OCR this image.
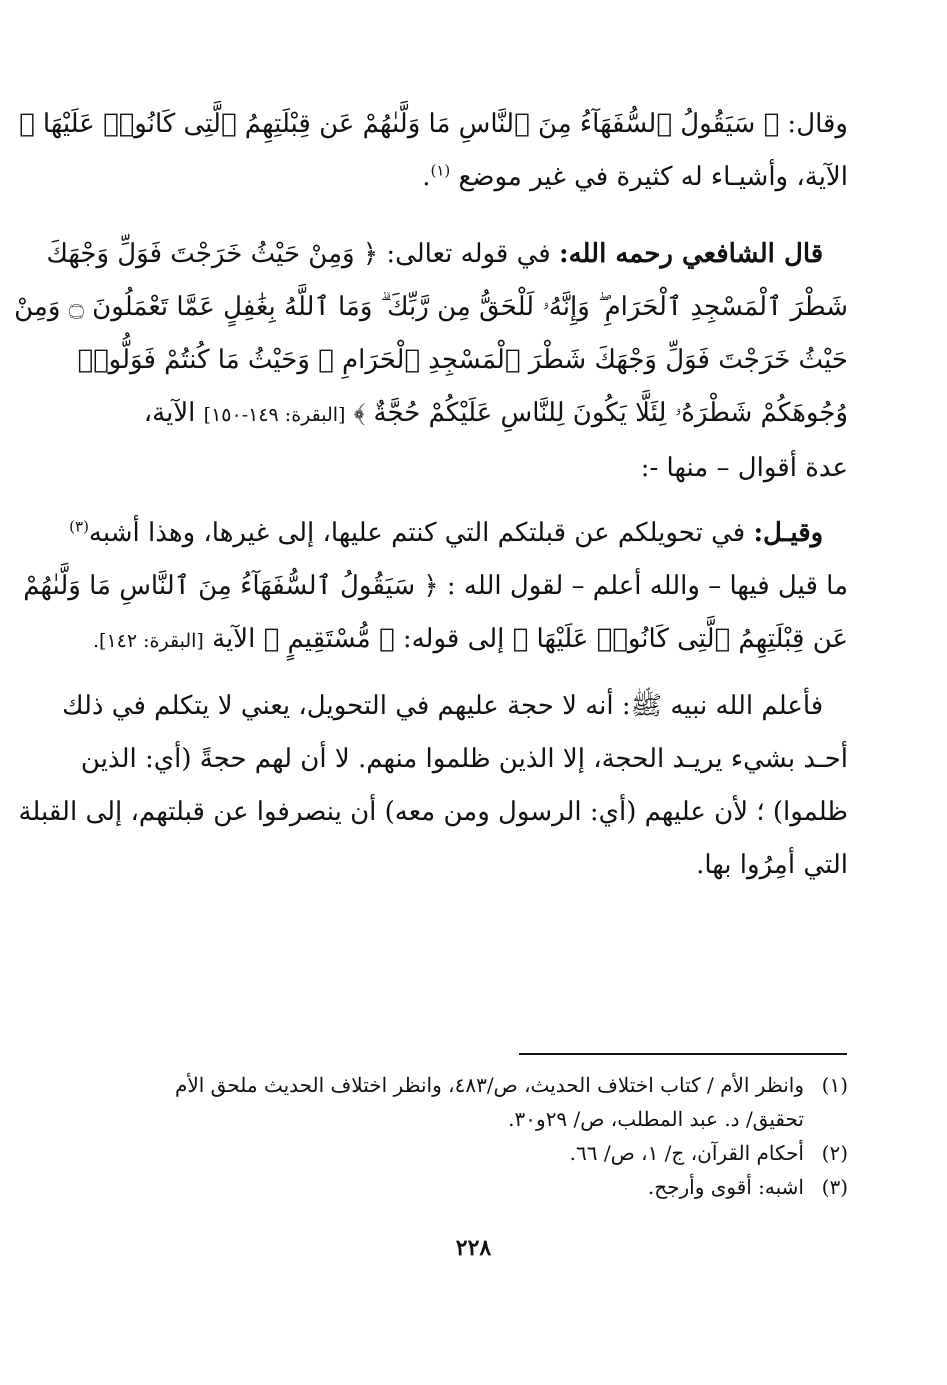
وقال: ﴿ سَيَقُولُ ٱلسُّفَهَآءُ مِنَ ٱلنَّاسِ مَا وَلَّىٰهُمْ عَن قِبْلَتِهِمُ ٱلَّتِى كَانُوا۟ عَلَيْهَا ﴾
الآية، وأشيـاء له كثيرة في غير موضع $^{(١)}$.
قال الشافعي رحمه الله: في قوله تعالى: ﴿ وَمِنْ حَيْثُ خَرَجْتَ فَوَلِّ وَجْهَكَ
شَطْرَ ٱلْمَسْجِدِ ٱلْحَرَامِ ۖ وَإِنَّهُۥ لَلْحَقُّ مِن رَّبِّكَ ۗ وَمَا ٱللَّهُ بِغَٰفِلٍ عَمَّا تَعْمَلُونَ ۝ وَمِنْ
حَيْثُ خَرَجْتَ فَوَلِّ وَجْهَكَ شَطْرَ ٱلْمَسْجِدِ ٱلْحَرَامِ ۚ وَحَيْثُ مَا كُنتُمْ فَوَلُّوا۟
وُجُوهَكُمْ شَطْرَهُۥ لِئَلَّا يَكُونَ لِلنَّاسِ عَلَيْكُمْ حُجَّةٌ ﴾ [البقرة: ١٤٩-١٥٠] الآية،
عدة أقوال – منها -:
وقيـل: في تحويلكم عن قبلتكم التي كنتم عليها، إلى غيرها، وهذا أشبه$^{(٣)}$
ما قيل فيها – والله أعلم – لقول الله : ﴿ سَيَقُولُ ٱلسُّفَهَآءُ مِنَ ٱلنَّاسِ مَا وَلَّىٰهُمْ
عَن قِبْلَتِهِمُ ٱلَّتِى كَانُوا۟ عَلَيْهَا ﴾ إلى قوله: ﴿ مُّسْتَقِيمٍ ﴾ الآية [البقرة: ١٤٢].
فأعلم الله نبيه ﷺ: أنه لا حجة عليهم في التحويل، يعني لا يتكلم في ذلك
أحـد بشيء يريـد الحجة، إلا الذين ظلموا منهم. لا أن لهم حجةً (أي: الذين
ظلموا) ؛ لأن عليهم (أي: الرسول ومن معه) أن ينصرفوا عن قبلتهم، إلى القبلة
التي أمِرُوا بها.
(١)وانظر الأم / كتاب اختلاف الحديث، ص/٤٨٣، وانظر اختلاف الحديث ملحق الأم
تحقيق/ د. عبد المطلب، ص/ ٢٩و٣٠.
(٢)أحكام القرآن، ج/ ١، ص/ ٦٦.
(٣)اشبه: أقوى وأرجح.
٢٢٨
